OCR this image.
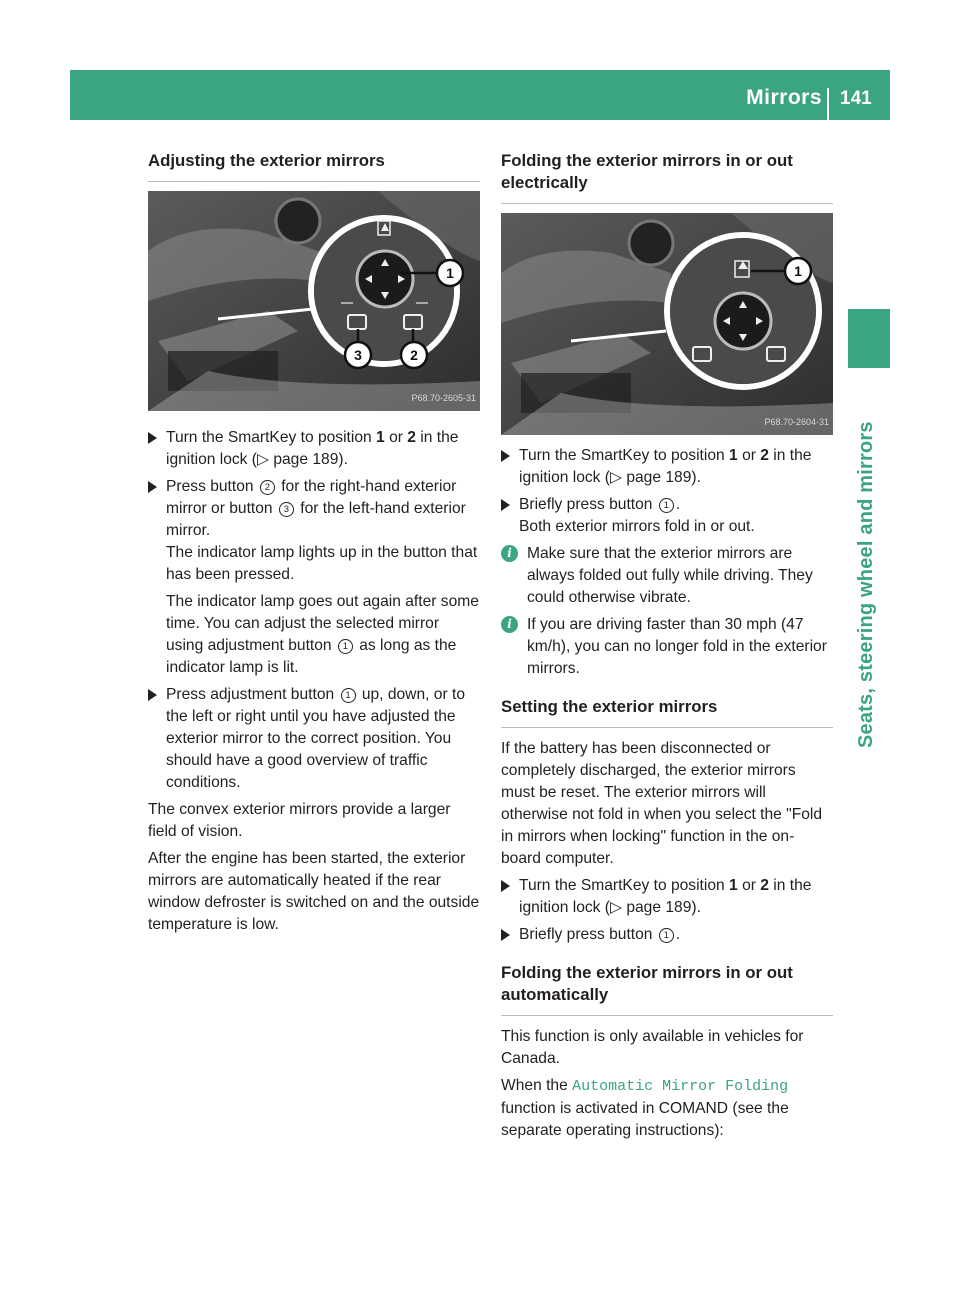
Mirrors 141
Seats, steering wheel and mirrors
Adjusting the exterior mirrors
1
3	2
P68.70-2605-31

Turn the SmartKey to position 1 or 2 in the ignition lock (▷ page 189).

Press button 2 for the right-hand exterior mirror or button 3 for the left-hand exterior mirror.
The indicator lamp lights up in the button that has been pressed.

The indicator lamp goes out again after some time. You can adjust the selected mirror using adjustment button 1 as long as the indicator lamp is lit.

Press adjustment button 1 up, down, or to the left or right until you have adjusted the exterior mirror to the correct position. You should have a good overview of traffic conditions.

The convex exterior mirrors provide a larger field of vision.

After the engine has been started, the exterior mirrors are automatically heated if the rear window defroster is switched on and the outside temperature is low.

Folding the exterior mirrors in or out electrically
1
P68.70-2604-31

Turn the SmartKey to position 1 or 2 in the ignition lock (▷ page 189).

Briefly press button 1 .
Both exterior mirrors fold in or out.

i Make sure that the exterior mirrors are always folded out fully while driving. They could otherwise vibrate.

i If you are driving faster than 30 mph (47 km/h), you can no longer fold in the exterior mirrors.

Setting the exterior mirrors

If the battery has been disconnected or completely discharged, the exterior mirrors must be reset. The exterior mirrors will otherwise not fold in when you select the "Fold in mirrors when locking" function in the on-board computer.

Turn the SmartKey to position 1 or 2 in the ignition lock (▷ page 189).

Briefly press button 1 .

Folding the exterior mirrors in or out automatically

This function is only available in vehicles for Canada.

When the Automatic Mirror Folding function is activated in COMAND (see the separate operating instructions):
